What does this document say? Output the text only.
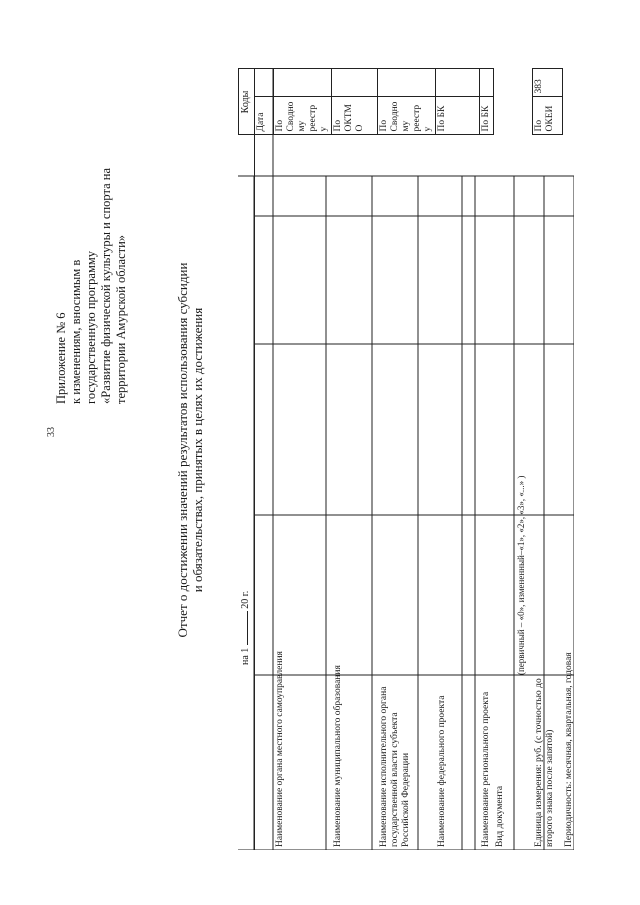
33
Приложение № 6 к изменениям, вносимым в государственную программу «Развитие физической культуры и спорта на территории Амурской области»	Отчет о достижении значений результатов использования субсидии и обязательствах, принятых в целях их достижения
на 1  20 г.	Коды	
	Дата	
Наименование органа местного самоуправления	По Сводному реестру	
Наименование муниципального образования	По ОКТМО	

Наименование исполнительного органа государственной власти субъекта Российской Федерации	По Сводному реестру	
Наименование федерального проекта	По БК	
Наименование регионального проекта	По БК	
Вид документа
(первичный – «0», измененный–«1», «2», «3», «...» )		

Единица измерения: руб. (с точностью до второго знака после запятой)	По ОКЕИ	383
Периодичность: месячная, квартальная, годовая		
